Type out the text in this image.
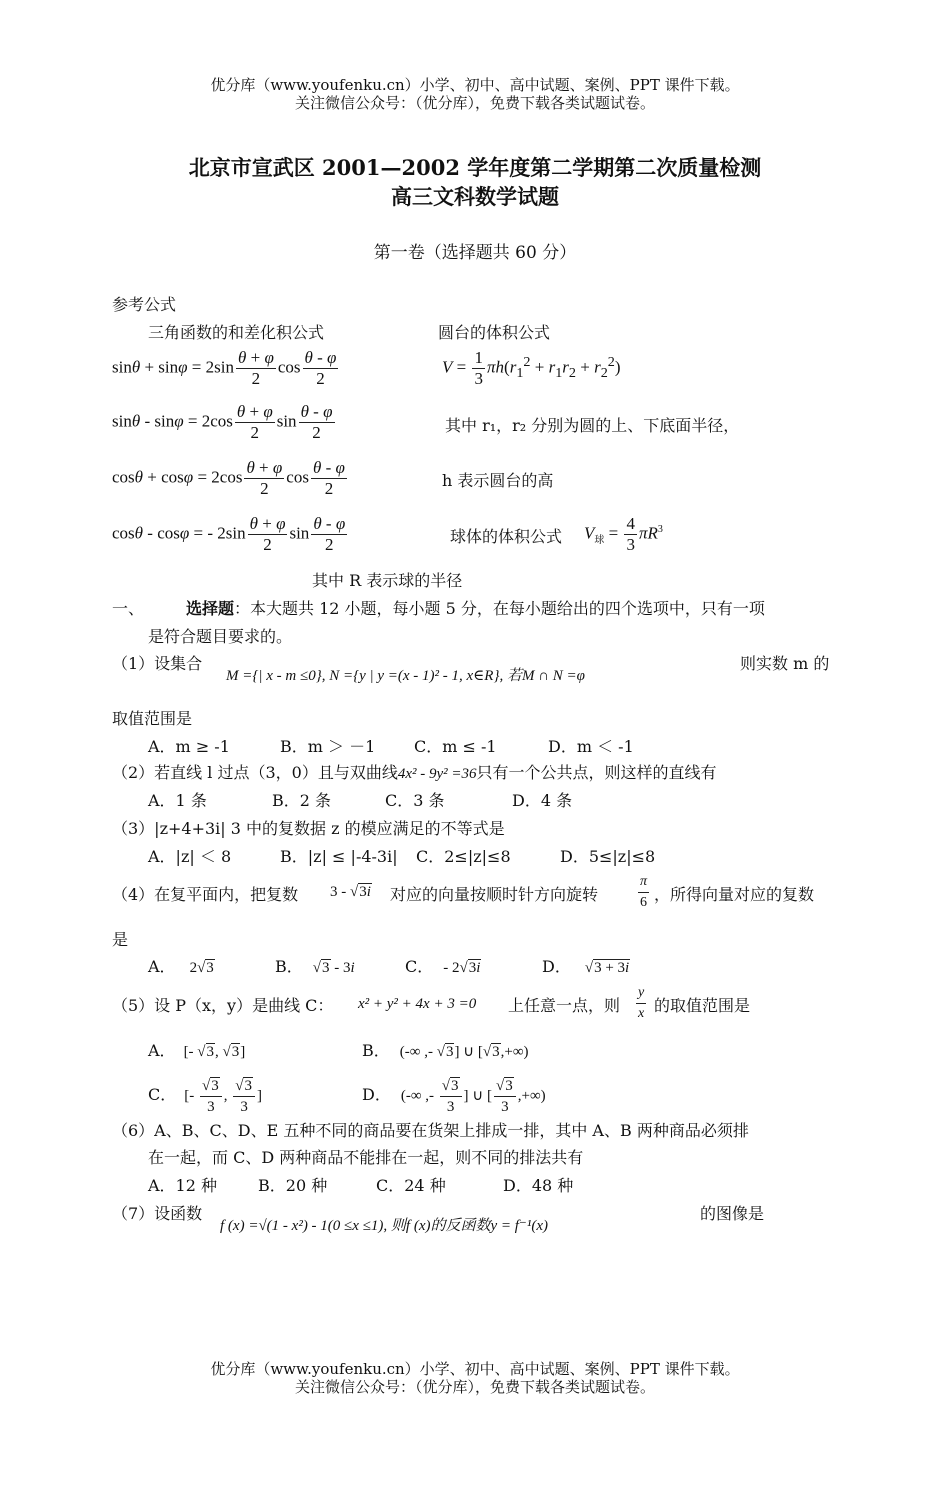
优分库（www.youfenku.cn）小学、初中、高中试题、案例、PPT 课件下载。
关注微信公众号：（优分库），免费下载各类试题试卷。
北京市宣武区 2001—2002 学年度第二学期第二次质量检测
高三文科数学试题
第一卷（选择题共 60 分）
参考公式
三角函数的和差化积公式	圆台的体积公式
$\sin\theta + \sin\varphi = 2\sin \frac{\theta + \varphi}{2}$ $\cos \frac{\theta - \varphi}{2}$	$V = \frac{1}{3} \pi h(r_1^2 + r_1r_2 + r_2^2)$
$\sin\theta - \sin\varphi = 2\cos \frac{\theta + \varphi}{2}$ $\sin \frac{\theta - \varphi}{2}$	其中 r₁，r₂ 分别为圆的上、下底面半径，
$\cos\theta + \cos\varphi = 2\cos \frac{\theta + \varphi}{2}$ $\cos \frac{\theta - \varphi}{2}$	h 表示圆台的高
cosθ - cosφ = - $2\sin \frac{\theta + \varphi}{2}$ $\sin \frac{\theta - \varphi}{2}$	球体的体积公式 $V_球 = \frac{4}{3} \pi R^3$
其中 R 表示球的半径
一、	选择题：本大题共 12 小题，每小题 5 分，在每小题给出的四个选项中，只有一项
是符合题目要求的。
（1）设集合
M ={| x - m ≤0}, N ={y | y =(x - 1)² - 1, x∈R}, 若M ∩ N =φ
则实数 m 的
取值范围是
A．m ≥ -1	B．m ＞ －1 C．m ≤ -1	D．m ＜ -1
（2）若直线 l 过点（3，0）且与双曲线4x² - 9y² =36只有一个公共点，则这样的直线有
A．1 条	B．2 条	C．3 条	D．4 条
（3）|z+4+3i| 3 中的复数据 z 的模应满足的不等式是
A．|z| ＜ 8	B．|z| ≤ |-4-3i| C．2≤|z|≤8	D．5≤|z|≤8
（4）在复平面内，把复数 3 - √3i 对应的向量按顺时针方向旋转	$\frac{\pi}{6}$ ，所得向量对应的复数
是
A． 2√3	B． √3 - 3i	C． - 2√3i	D． √3 + 3i
（5）设 P（x，y）是曲线 C： x² + y² + 4x + 3 =0 上任意一点，则 $\frac{y}{x}$ 的取值范围是
A． [- √3, √3]	B． (-∞ ,- √3] ∪ [√3,+∞)
C． [- $\frac{√3}{3}$ , $\frac{√3}{3}$ ]	D． (-∞ ,- $\frac{√3}{3}$ ] ∪ [ $\frac{√3}{3}$ ,+∞)
（6）A、B、C、D、E 五种不同的商品要在货架上排成一排，其中 A、B 两种商品必须排
在一起，而 C、D 两种商品不能排在一起，则不同的排法共有
A．12 种	B．20 种	C．24 种	D．48 种
（7）设函数
f (x) =√(1 - x²) - 1(0 ≤x ≤1), 则f (x)的反函数y = f⁻¹(x)
的图像是
优分库（www.youfenku.cn）小学、初中、高中试题、案例、PPT 课件下载。
关注微信公众号：（优分库），免费下载各类试题试卷。
